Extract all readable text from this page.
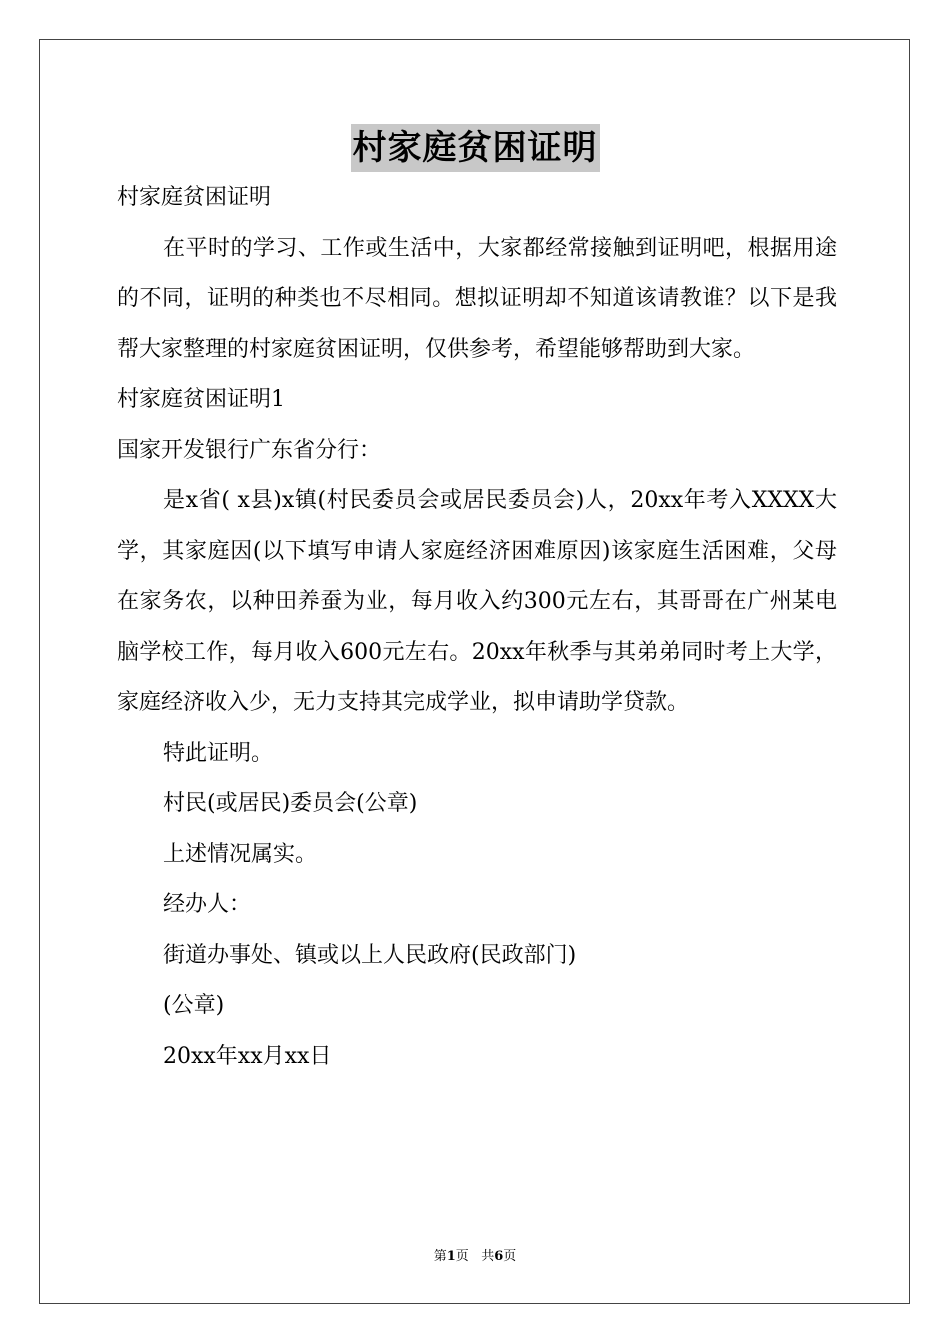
村家庭贫困证明

村家庭贫困证明

在平时的学习、工作或生活中，大家都经常接触到证明吧，根据用途的不同，证明的种类也不尽相同。想拟证明却不知道该请教谁？以下是我帮大家整理的村家庭贫困证明，仅供参考，希望能够帮助到大家。

村家庭贫困证明1

国家开发银行广东省分行：

是x省( x县)x镇(村民委员会或居民委员会)人，20xx年考入XXXX大学，其家庭因(以下填写申请人家庭经济困难原因)该家庭生活困难，父母在家务农，以种田养蚕为业，每月收入约300元左右，其哥哥在广州某电脑学校工作，每月收入600元左右。20xx年秋季与其弟弟同时考上大学，家庭经济收入少，无力支持其完成学业，拟申请助学贷款。

特此证明。

村民(或居民)委员会(公章)

上述情况属实。

经办人：

街道办事处、镇或以上人民政府(民政部门)

(公章)

20xx年xx月xx日

第1页   共6页
